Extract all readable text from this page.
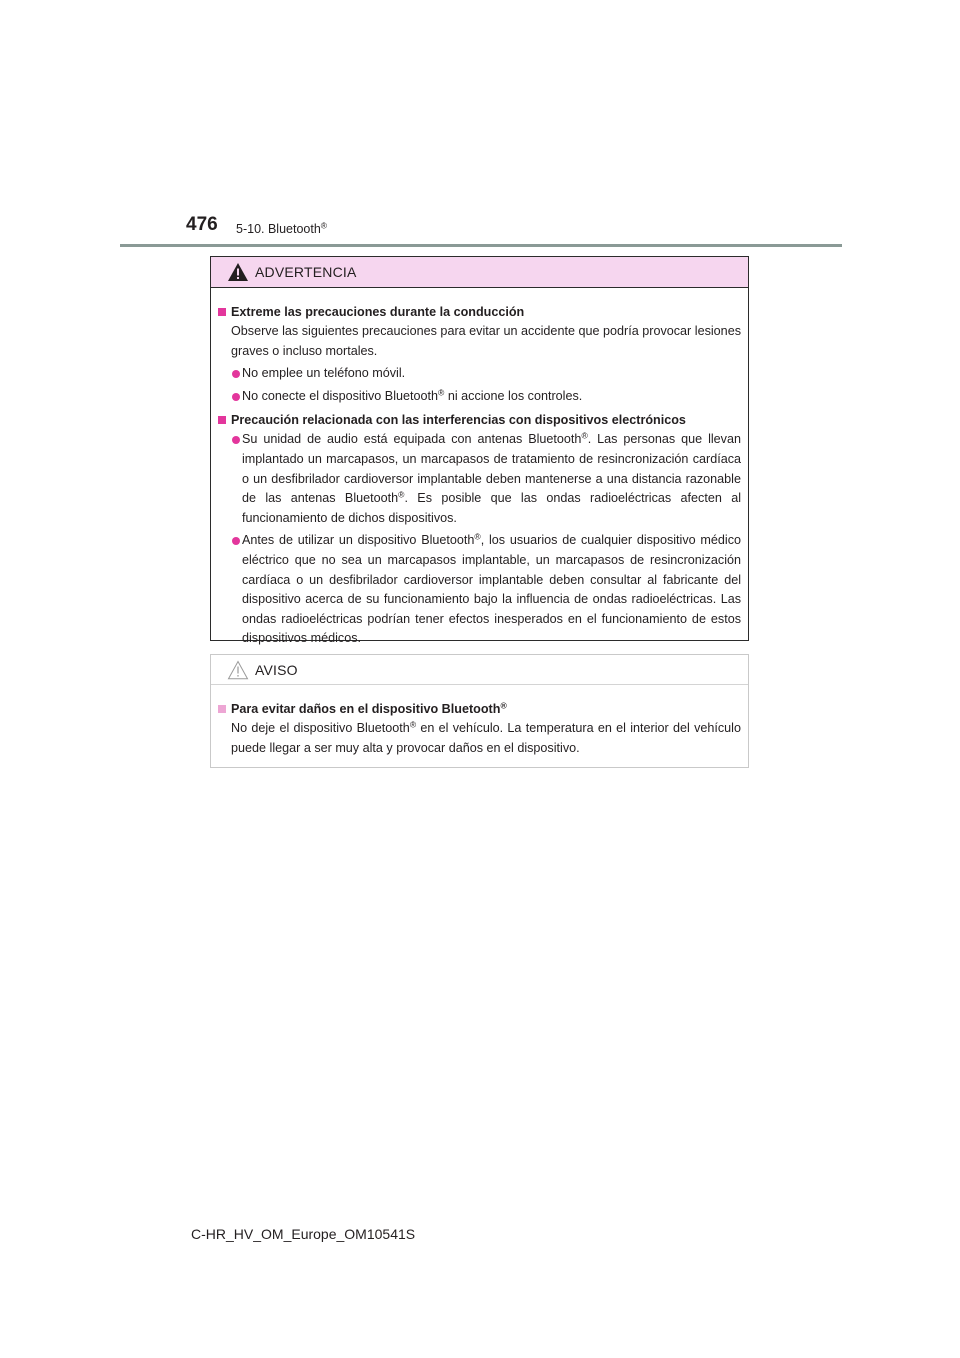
476 5-10. Bluetooth®
ADVERTENCIA
Extreme las precauciones durante la conducción
Observe las siguientes precauciones para evitar un accidente que podría provocar lesiones graves o incluso mortales.
No emplee un teléfono móvil.
No conecte el dispositivo Bluetooth® ni accione los controles.
Precaución relacionada con las interferencias con dispositivos electrónicos
Su unidad de audio está equipada con antenas Bluetooth®. Las personas que llevan implantado un marcapasos, un marcapasos de tratamiento de resincronización cardíaca o un desfibrilador cardioversor implantable deben mantenerse a una distancia razonable de las antenas Bluetooth®. Es posible que las ondas radioeléctricas afecten al funcionamiento de dichos dispositivos.
Antes de utilizar un dispositivo Bluetooth®, los usuarios de cualquier dispositivo médico eléctrico que no sea un marcapasos implantable, un marcapasos de resincronización cardíaca o un desfibrilador cardioversor implantable deben consultar al fabricante del dispositivo acerca de su funcionamiento bajo la influencia de ondas radioeléctricas. Las ondas radioeléctricas podrían tener efectos inesperados en el funcionamiento de estos dispositivos médicos.
AVISO
Para evitar daños en el dispositivo Bluetooth®
No deje el dispositivo Bluetooth® en el vehículo. La temperatura en el interior del vehículo puede llegar a ser muy alta y provocar daños en el dispositivo.
C-HR_HV_OM_Europe_OM10541S
